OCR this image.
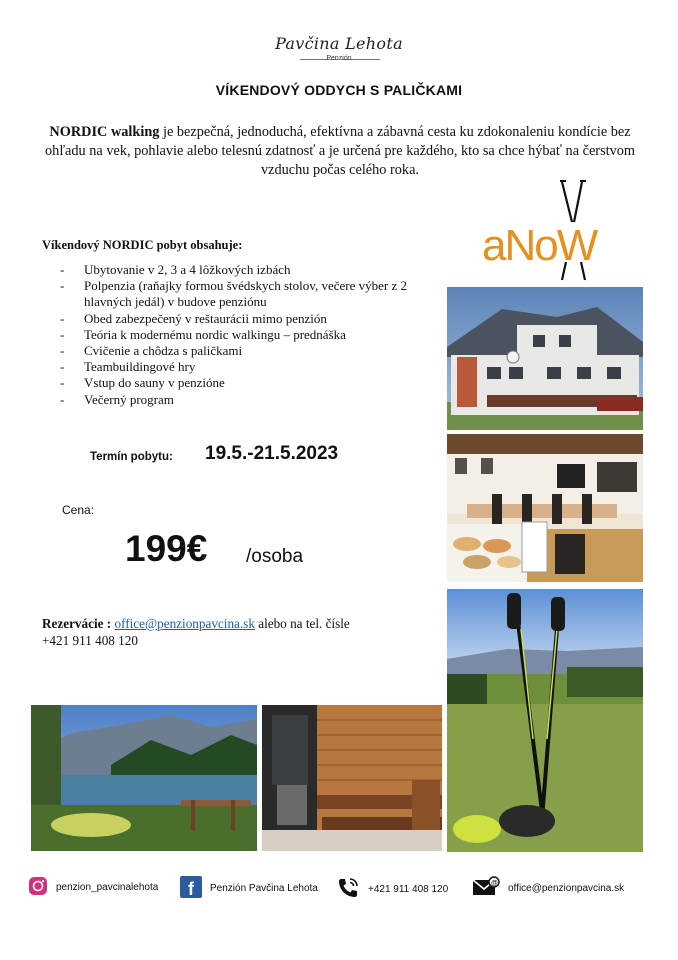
Pavčina Lehota
Penzión
VÍKENDOVÝ ODDYCH S PALIČKAMI
NORDIC walking je bezpečná, jednoduchá, efektívna a zábavná cesta ku zdokonaleniu kondície bez ohľadu na vek, pohlavie alebo telesnú zdatnosť a je určená pre každého, kto sa chce hýbať na čerstvom vzduchu počas celého roka.
aNoW
Víkendový NORDIC pobyt obsahuje:
- Ubytovanie v 2, 3 a 4 lôžkových izbách
- Polpenzia (raňajky formou švédskych stolov, večere výber z 2 hlavných jedál) v budove penziónu
- Obed zabezpečený v reštaurácii mimo penzión
- Teória k modernému nordic walkingu – prednáška
- Cvičenie a chôdza s paličkami
- Teambuildingové hry
- Vstup do sauny v penzióne
- Večerný program
Termín pobytu: 19.5.-21.5.2023
Cena:
199€ /osoba
Rezervácie : office@penzionpavcina.sk alebo na tel. čísle
+421 911 408 120
penzion_pavcinalehota f Penzión Pavčina Lehota	+421 911 408 120
@ office@penzionpavcina.sk
